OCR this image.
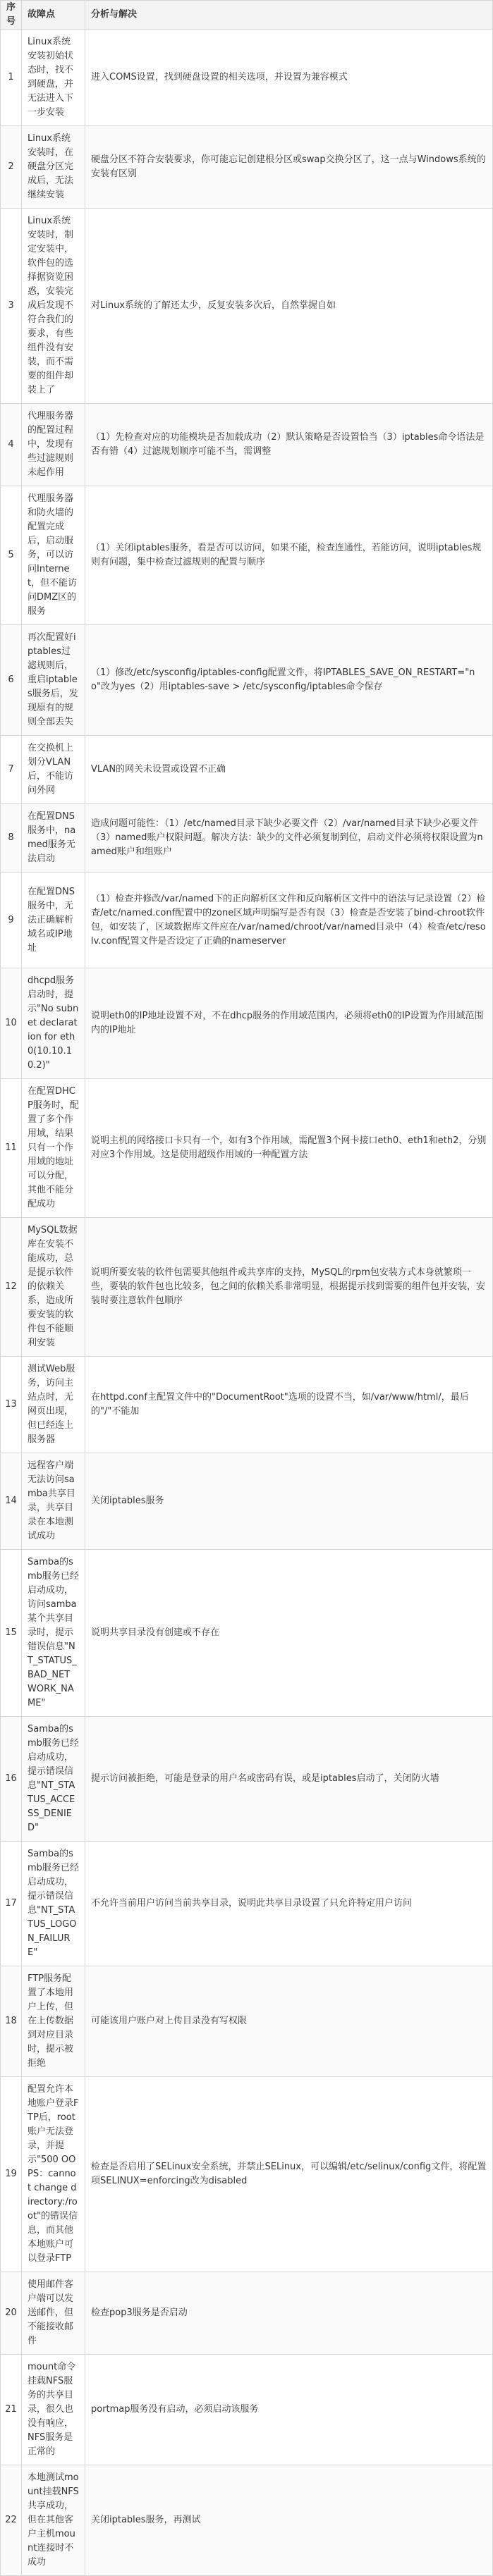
序号	故障点	分析与解决
1	Linux系统安装初始状态时，找不到硬盘，并无法进入下一步安装	进入COMS设置，找到硬盘设置的相关选项，并设置为兼容模式
2	Linux系统安装时，在硬盘分区完成后，无法继续安装	硬盘分区不符合安装要求，你可能忘记创建根分区或swap交换分区了，这一点与Windows系统的安装有区别
3	Linux系统安装时，制定安装中，软件包的选择据资览困惑，安装完成后发现不符合我们的要求，有些组件没有安装，而不需要的组件却装上了	对Linux系统的了解还太少，反复安装多次后，自然掌握自如
4	代理服务器的配置过程中，发现有些过滤规则未起作用	（1）先检查对应的功能模块是否加载成功（2）默认策略是否设置恰当（3）iptables命令语法是否有错（4）过滤规划顺序可能不当，需调整
5	代理服务器和防火墙的配置完成后，启动服务，可以访问Internet，但不能访问DMZ区的服务	（1）关闭iptables服务，看是否可以访问，如果不能，检查连通性，若能访问，说明iptables规则有问题，集中检查过滤规则的配置与顺序
6	再次配置好iptables过滤规则后，重启iptables服务后，发现原有的规则全部丢失	（1）修改/etc/sysconfig/iptables-config配置文件，将IPTABLES_SAVE_ON_RESTART="no"改为yes（2）用iptables-save > /etc/sysconfig/iptables命令保存
7	在交换机上划分VLAN后，不能访问外网	VLAN的网关未设置或设置不正确
8	在配置DNS服务中，named服务无法启动	造成问题可能性：（1）/etc/named目录下缺少必要文件（2）/var/named目录下缺少必要文件（3）named账户权限问题。解决方法：缺少的文件必须复制到位，启动文件必须将权限设置为named账户和组账户
9	在配置DNS服务中，无法正确解析域名或IP地址	（1）检查并修改/var/named下的正向解析区文件和反向解析区文件中的语法与记录设置（2）检查/etc/named.conf配置中的zone区域声明编写是否有误（3）检查是否安装了bind-chroot软件包，如安装了，区域数据库文件应在/var/named/chroot/var/named目录中（4）检查/etc/resolv.conf配置文件是否设定了正确的nameserver
10	dhcpd服务启动时，提示"No subnet declaration for eth0(10.10.10.2)"	说明eth0的IP地址设置不对，不在dhcp服务的作用域范围内，必须将eth0的IP设置为作用域范围内的IP地址
11	在配置DHCP服务时，配置了多个作用域，结果只有一个作用域的地址可以分配，其他不能分配成功	说明主机的网络接口卡只有一个，如有3个作用域，需配置3个网卡接口eth0、eth1和eth2，分别对应3个作用域。这是使用超级作用域的一种配置方法
12	MySQL数据库在安装不能成功，总是提示软件的依赖关系，造成所要安装的软件包不能顺利安装	说明所要安装的软件包需要其他组件或共享库的支持，MySQL的rpm包安装方式本身就繁琐一些，要装的软件包也比较多，包之间的依赖关系非常明显，根据提示找到需要的组件包并安装，安装时要注意软件包顺序
13	测试Web服务，访问主站点时，无网页出现，但已经连上服务器	在httpd.conf主配置文件中的"DocumentRoot"选项的设置不当，如/var/www/html/，最后的"/"不能加
14	远程客户端无法访问samba共享目录，共享目录在本地测试成功	关闭iptables服务
15	Samba的smb服务已经启动成功，访问samba某个共享目录时，提示错误信息"NT_STATUS_BAD_NETWORK_NAME"	说明共享目录没有创建或不存在
16	Samba的smb服务已经启动成功，提示错误信息"NT_STATUS_ACCESS_DENIED"	提示访问被拒绝，可能是登录的用户名或密码有误，或是iptables启动了，关闭防火墙
17	Samba的smb服务已经启动成功，提示错误信息"NT_STATUS_LOGON_FAILURE"	不允许当前用户访问当前共享目录，说明此共享目录设置了只允许特定用户访问
18	FTP服务配置了本地用户上传，但在上传数据到对应目录时，提示被拒绝	可能该用户账户对上传目录没有写权限
19	配置允许本地账户登录FTP后，root账户无法登录，并提示"500 OOPS：cannot change directory:/root"的错误信息，而其他本地账户可以登录FTP	检查是否启用了SELinux安全系统，并禁止SELinux，可以编辑/etc/selinux/config文件，将配置项SELINUX=enforcing改为disabled
20	使用邮件客户端可以发送邮件，但不能接收邮件	检查pop3服务是否启动
21	mount命令挂载NFS服务的共享目录，很久也没有响应，NFS服务是正常的	portmap服务没有启动，必须启动该服务
22	本地测试mount挂载NFS共享成功，但在其他客户主机mount连接时不成功	关闭iptables服务，再测试
